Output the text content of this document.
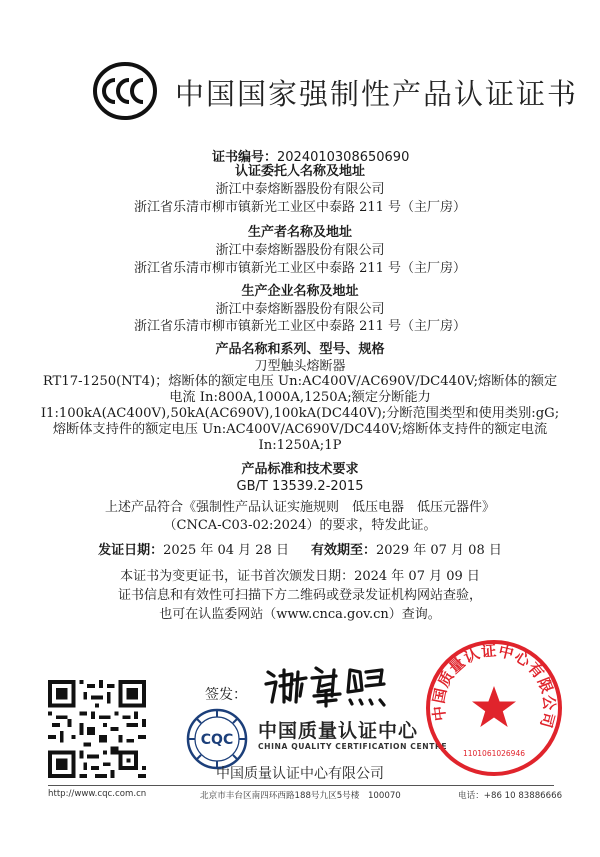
中国国家强制性产品认证证书
证书编号：2024010308650690
认证委托人名称及地址
浙江中泰熔断器股份有限公司
浙江省乐清市柳市镇新光工业区中泰路 211 号（主厂房）
生产者名称及地址
浙江中泰熔断器股份有限公司
浙江省乐清市柳市镇新光工业区中泰路 211 号（主厂房）
生产企业名称及地址
浙江中泰熔断器股份有限公司
浙江省乐清市柳市镇新光工业区中泰路 211 号（主厂房）
产品名称和系列、型号、规格
刀型触头熔断器
RT17-1250(NT4)；熔断体的额定电压 Un:AC400V/AC690V/DC440V;熔断体的额定
电流 In:800A,1000A,1250A;额定分断能力
I1:100kA(AC400V),50kA(AC690V),100kA(DC440V);分断范围类型和使用类别:gG;
熔断体支持件的额定电压 Un:AC400V/AC690V/DC440V;熔断体支持件的额定电流
In:1250A;1P
产品标准和技术要求
GB/T 13539.2-2015
上述产品符合《强制性产品认证实施规则　低压电器　低压元器件》
（CNCA-C03-02:2024）的要求，特发此证。
发证日期：2025 年 04 月 28 日 有效期至：2029 年 07 月 08 日
本证书为变更证书，证书首次颁发日期：2024 年 07 月 09 日
证书信息和有效性可扫描下方二维码或登录发证机构网站查验，
也可在认监委网站（www.cnca.gov.cn）查询。
签发：
CQC 中国质量认证中心
CHINA QUALITY CERTIFICATION CENTRE
中国质量认证中心有限公司
1101061026946
中国质量认证中心有限公司
http://www.cqc.com.cn	北京市丰台区南四环西路188号九区5号楼　100070	电话：+86 10 83886666
